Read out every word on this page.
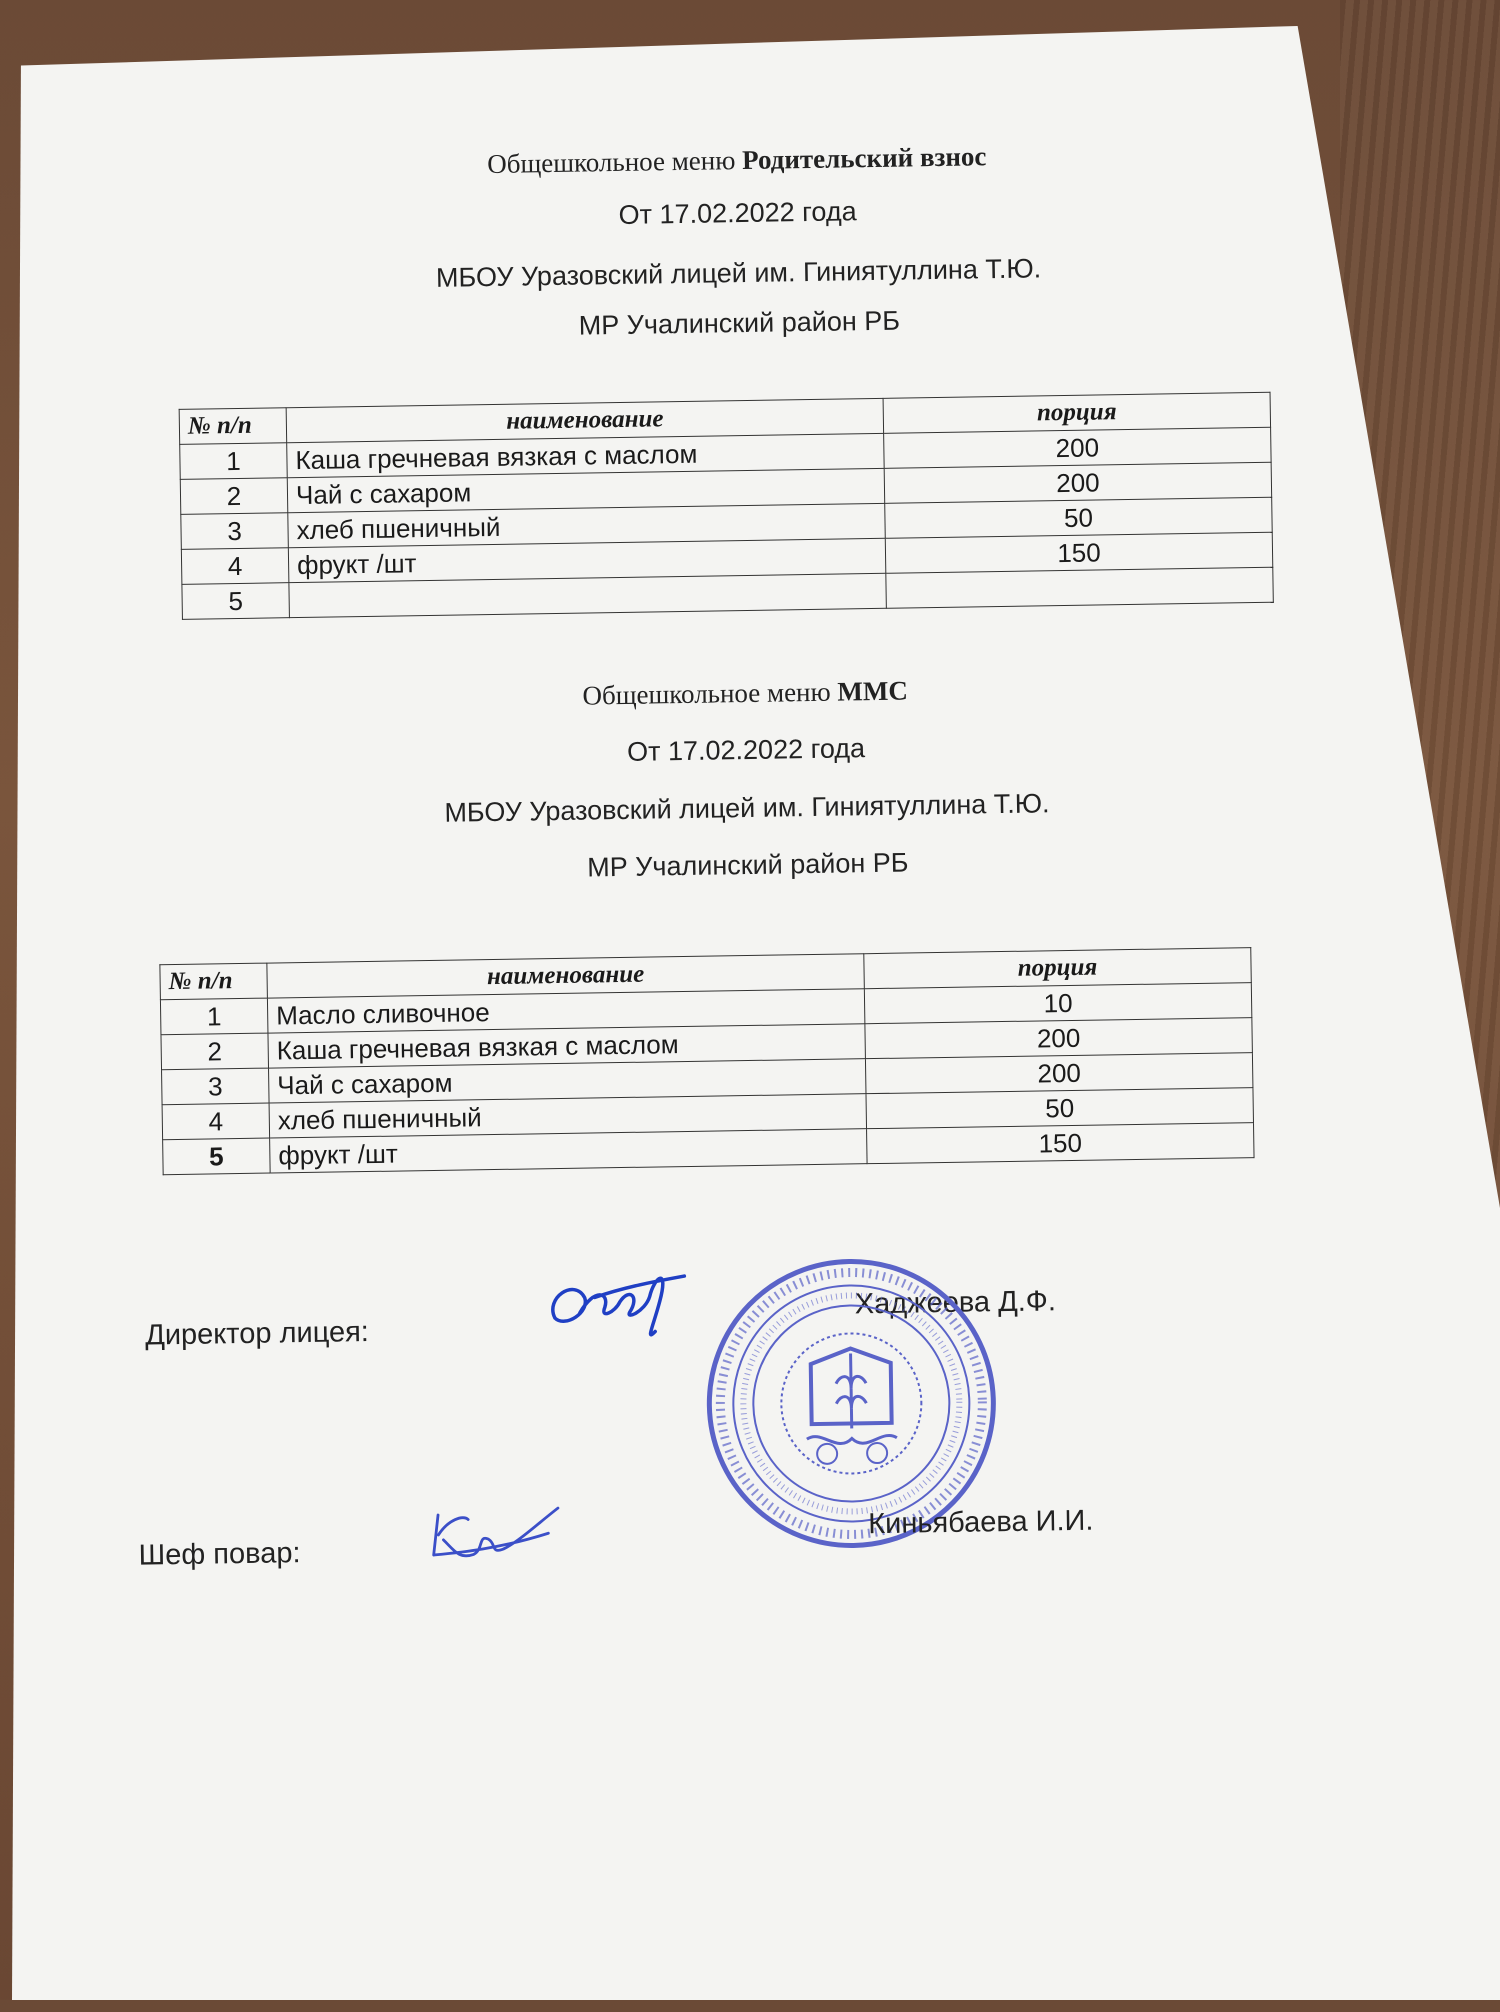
Общешкольное меню Родительский взнос
От 17.02.2022 года
МБОУ Уразовский лицей им. Гиниятуллина Т.Ю.
МР Учалинский район РБ
№ п/п	наименование	порция
1	Каша гречневая вязкая с маслом	200
2	Чай с сахаром	200
3	хлеб пшеничный	50
4	фрукт /шт	150
5		
Общешкольное меню ММС
От 17.02.2022 года
МБОУ Уразовский лицей им. Гиниятуллина Т.Ю.
МР Учалинский район РБ
№ п/п	наименование	порция
1	Масло сливочное	10
2	Каша гречневая вязкая с маслом	200
3	Чай с сахаром	200
4	хлеб пшеничный	50
5	фрукт /шт	150
Директор лицея:
Хаджеева Д.Ф.
Шеф повар:
Киньябаева И.И.
